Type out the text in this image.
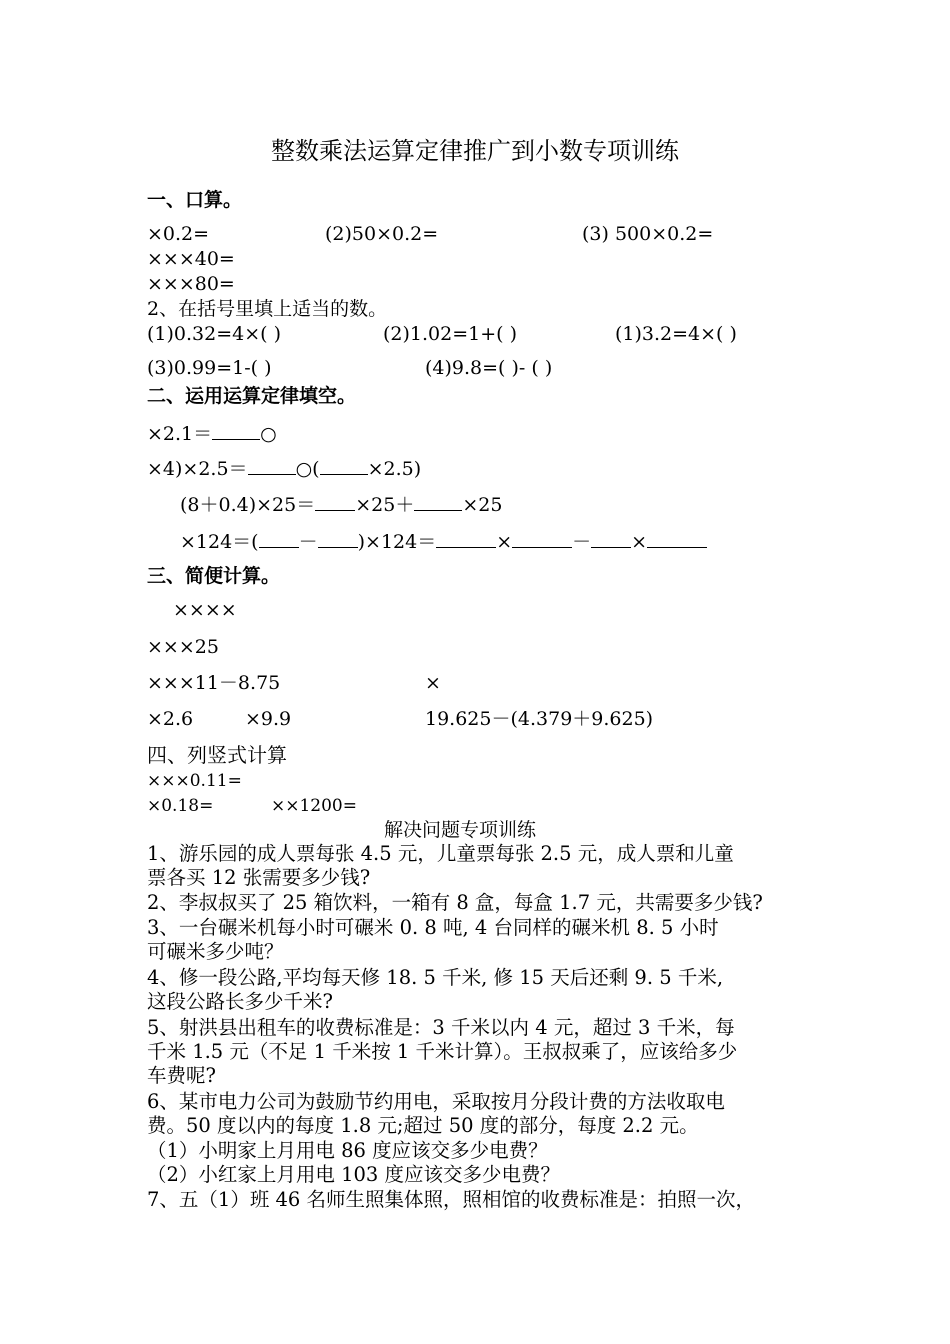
整数乘法运算定律推广到小数专项训练
一、口算。
×0.2=	(2)50×0.2=	(3) 500×0.2=
×××40=
×××80=
2、在括号里填上适当的数。
(1)0.32=4×( )	(2)1.02=1+( )	(1)3.2=4×( )
(3)0.99=1-( )	(4)9.8=( )- ( )
二、运用运算定律填空。
×2.1＝	○
×4)×2.5＝	○(	×2.5)
(8＋0.4)×25＝ ×25＋	×25
×124＝( － )×124＝	×	－ ×
三、简便计算。
××××
×××25
×××11－8.75	×
×2.6	×9.9	19.625－(4.379＋9.625)
四、列竖式计算
×××0.11=
×0.18=	××1200=
解决问题专项训练
1、游乐园的成人票每张 4.5 元，儿童票每张 2.5 元，成人票和儿童
票各买 12 张需要多少钱?
2、李叔叔买了 25 箱饮料，一箱有 8 盒，每盒 1.7 元，共需要多少钱?
3、一台碾米机每小时可碾米 0. 8 吨, 4 台同样的碾米机 8. 5 小时
可碾米多少吨？
4、修一段公路,平均每天修 18. 5 千米, 修 15 天后还剩 9. 5 千米,
这段公路长多少千米?
5、射洪县出租车的收费标准是：3 千米以内 4 元，超过 3 千米，每
千米 1.5 元（不足 1 千米按 1 千米计算）。王叔叔乘了，应该给多少
车费呢?
6、某市电力公司为鼓励节约用电，采取按月分段计费的方法收取电
费。50 度以内的每度 1.8 元;超过 50 度的部分，每度 2.2 元。
（1）小明家上月用电 86 度应该交多少电费？
（2）小红家上月用电 103 度应该交多少电费？
7、五（1）班 46 名师生照集体照，照相馆的收费标准是：拍照一次，
